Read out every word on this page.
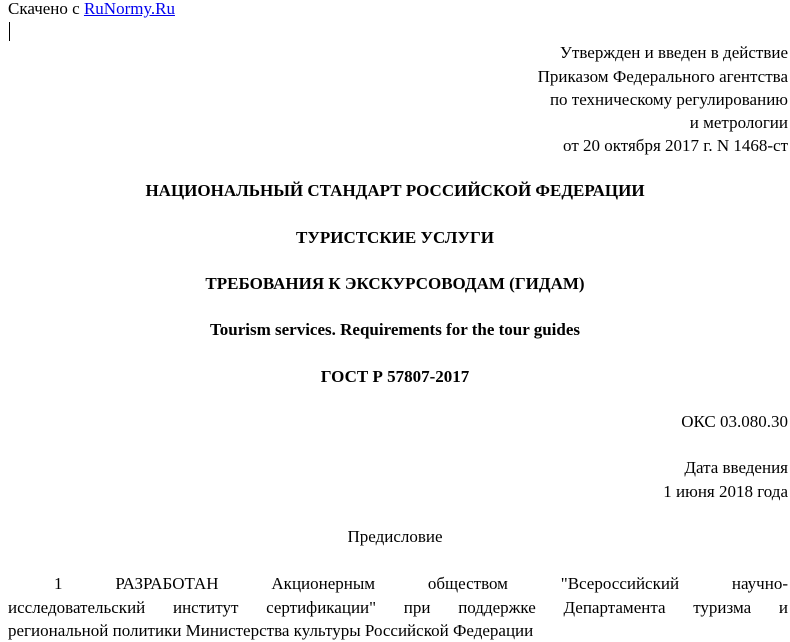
Скачено с RuNormy.Ru
Утвержден и введен в действие
Приказом Федерального агентства
по техническому регулированию
и метрологии
от 20 октября 2017 г. N 1468-ст
НАЦИОНАЛЬНЫЙ СТАНДАРТ РОССИЙСКОЙ ФЕДЕРАЦИИ
ТУРИСТСКИЕ УСЛУГИ
ТРЕБОВАНИЯ К ЭКСКУРСОВОДАМ (ГИДАМ)
Tourism services. Requirements for the tour guides
ГОСТ Р 57807-2017
ОКС 03.080.30
Дата введения
1 июня 2018 года
Предисловие
1 РАЗРАБОТАН Акционерным обществом "Всероссийский научно-
исследовательский институт сертификации" при поддержке Департамента туризма и
региональной политики Министерства культуры Российской Федерации
